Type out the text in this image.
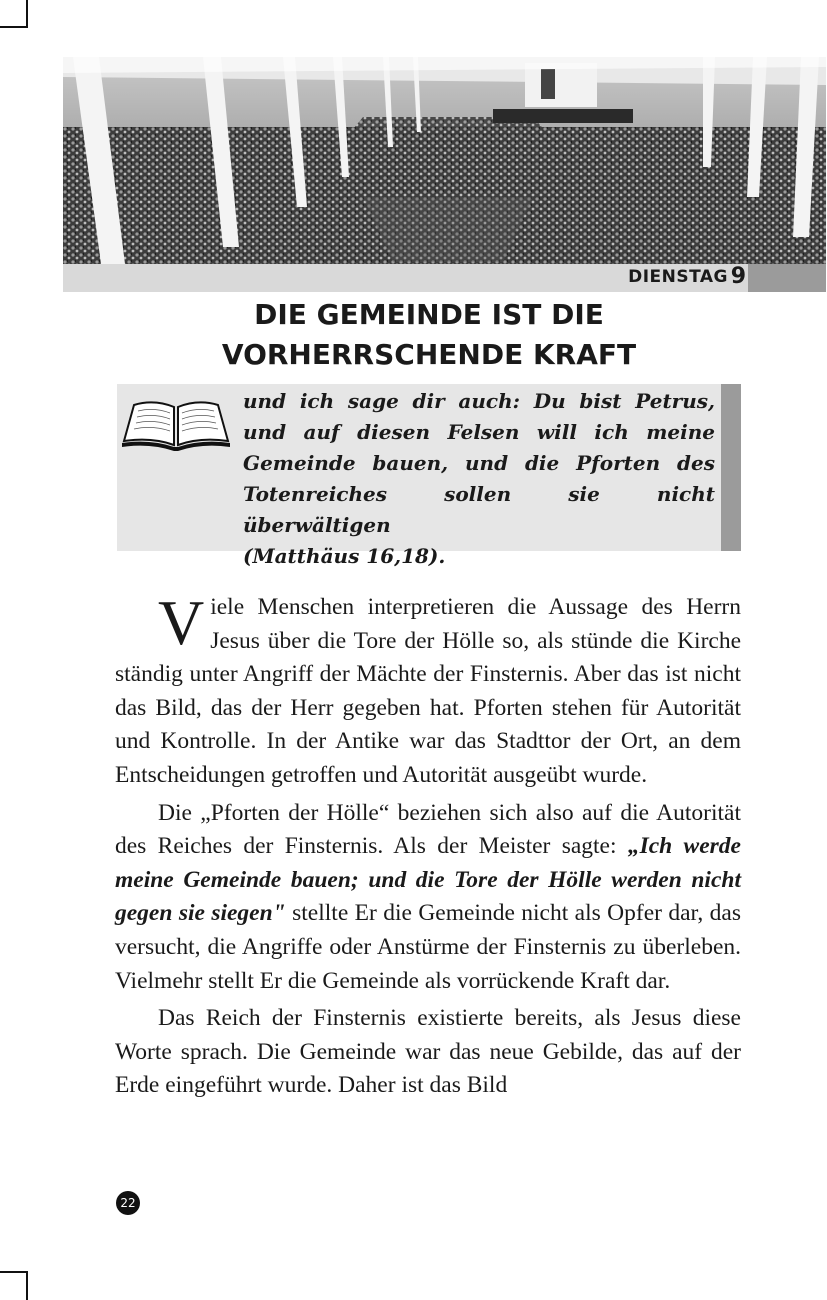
DIENSTAG 9
DIE GEMEINDE IST DIE
VORHERRSCHENDE KRAFT
und ich sage dir auch: Du bist Petrus, und auf diesen Felsen will ich meine Gemeinde bauen, und die Pforten des Totenreiches sollen sie nicht überwältigen
(Matthäus 16,18).

Viele Menschen interpretieren die Aussage des Herrn Jesus über die Tore der Hölle so, als stünde die Kirche ständig unter Angriff der Mächte der Finsternis. Aber das ist nicht das Bild, das der Herr gegeben hat. Pforten stehen für Autorität und Kontrolle. In der Antike war das Stadttor der Ort, an dem Entscheidungen getroffen und Autorität ausgeübt wurde.

Die „Pforten der Hölle“ beziehen sich also auf die Autorität des Reiches der Finsternis. Als der Meister sagte: „Ich werde meine Gemeinde bauen; und die Tore der Hölle werden nicht gegen sie siegen" stellte Er die Gemeinde nicht als Opfer dar, das versucht, die Angriffe oder Anstürme der Finsternis zu überleben. Vielmehr stellt Er die Gemeinde als vorrückende Kraft dar.

Das Reich der Finsternis existierte bereits, als Jesus diese Worte sprach. Die Gemeinde war das neue Gebilde, das auf der Erde eingeführt wurde. Daher ist das Bild

22
